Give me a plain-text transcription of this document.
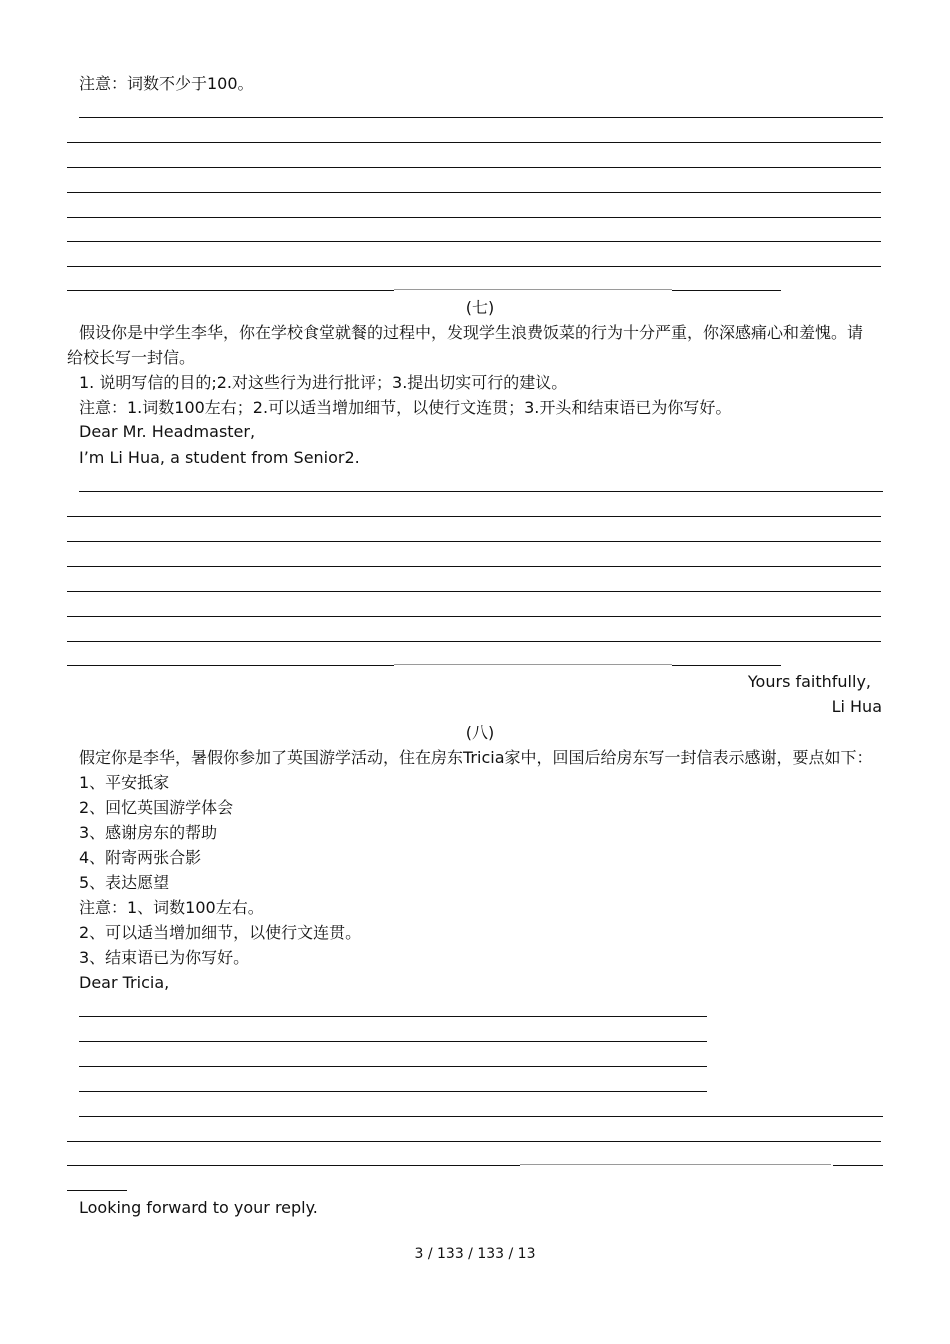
注意：词数不少于100。
(七)
假设你是中学生李华，你在学校食堂就餐的过程中，发现学生浪费饭菜的行为十分严重，你深感痛心和羞愧。请
给校长写一封信。
1. 说明写信的目的;2.对这些行为进行批评；3.提出切实可行的建议。
注意：1.词数100左右；2.可以适当增加细节，以使行文连贯；3.开头和结束语已为你写好。
Dear Mr. Headmaster,
I’m Li Hua, a student from Senior2.
Yours faithfully,
Li Hua
(八)
假定你是李华，暑假你参加了英国游学活动，住在房东Tricia家中，回国后给房东写一封信表示感谢，要点如下：
1、平安抵家
2、回忆英国游学体会
3、感谢房东的帮助
4、附寄两张合影
5、表达愿望
注意：1、词数100左右。
2、可以适当增加细节，以使行文连贯。
3、结束语已为你写好。
Dear Tricia,
Looking forward to your reply.
3 / 133 / 133 / 13
